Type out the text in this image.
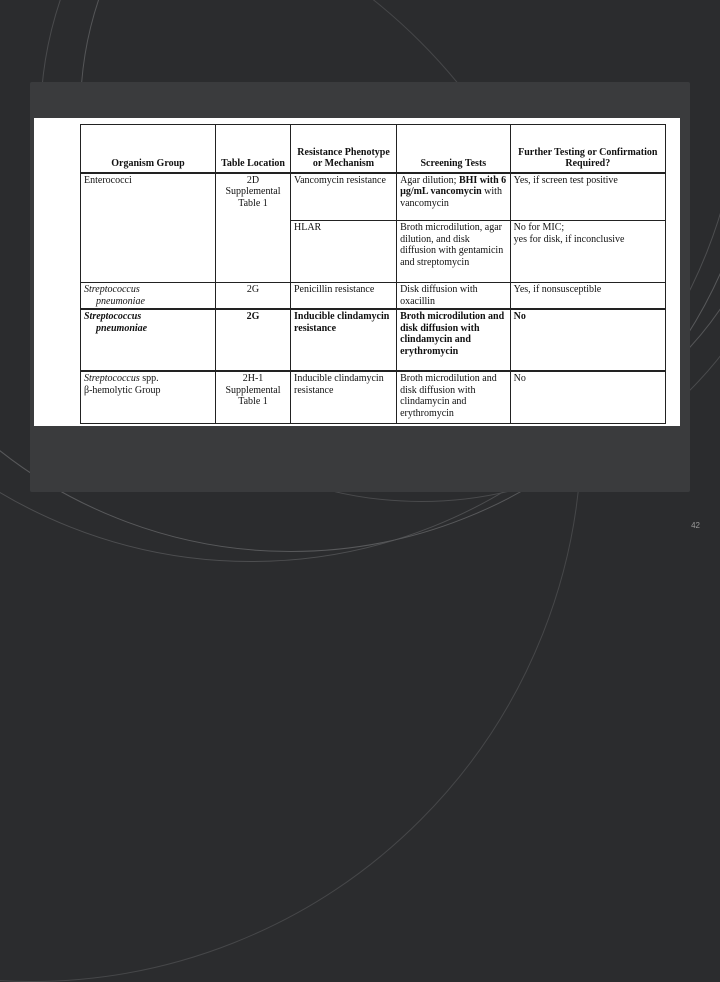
Organism Group	Table Location	Resistance Phenotype or Mechanism	Screening Tests	Further Testing or Confirmation Required?
Enterococci	2D Supplemental Table 1	Vancomycin resistance	Agar dilution; BHI with 6 µg/mL vancomycin with vancomycin	Yes, if screen test positive
		HLAR	Broth microdilution, agar dilution, and disk diffusion with gentamicin and streptomycin	No for MIC;
yes for disk, if inconclusive
Streptococcus
pneumoniae	2G	Penicillin resistance	Disk diffusion with oxacillin	Yes, if nonsusceptible
Streptococcus
pneumoniae	2G	Inducible clindamycin resistance	Broth microdilution and disk diffusion with clindamycin and erythromycin	No
Streptococcus spp.
β-hemolytic Group	2H-1 Supplemental Table 1	Inducible clindamycin resistance	Broth microdilution and disk diffusion with clindamycin and erythromycin	No
42
